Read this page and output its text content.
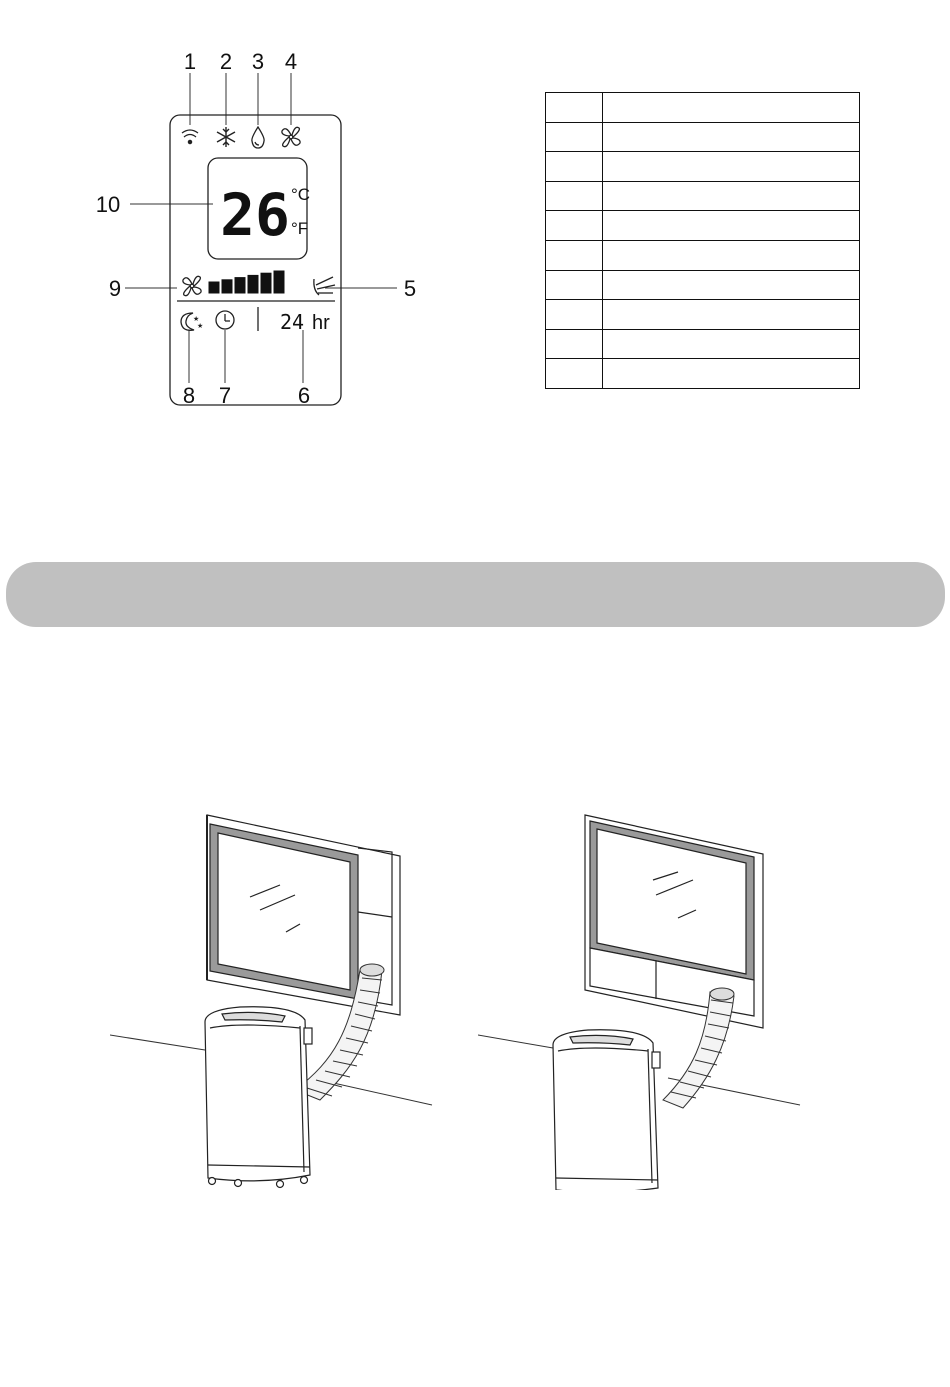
1 2 3 4
5
6
7
8
9
10 26 °C
°F
★
★	24 hr
